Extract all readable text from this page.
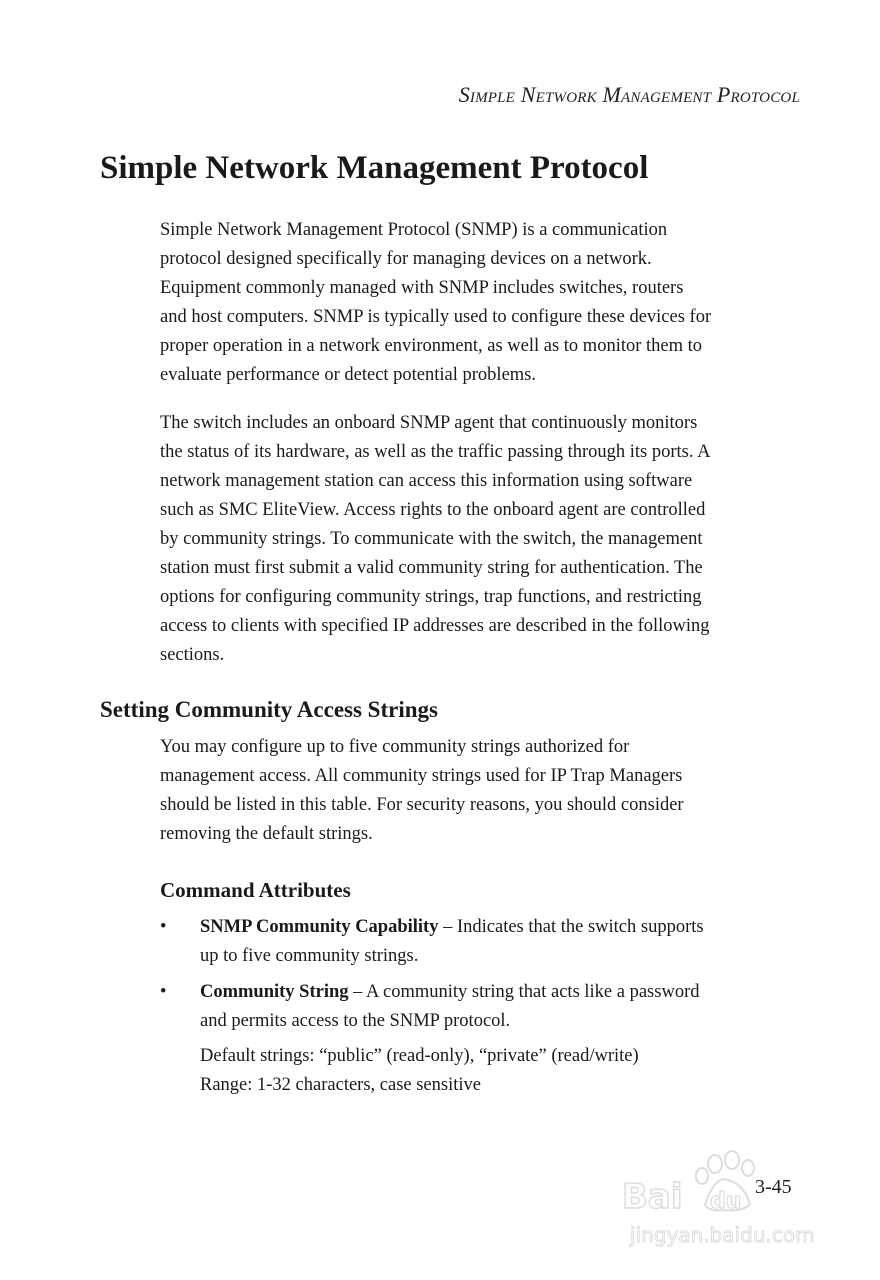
Simple Network Management Protocol
Simple Network Management Protocol
Simple Network Management Protocol (SNMP) is a communication
protocol designed specifically for managing devices on a network.
Equipment commonly managed with SNMP includes switches, routers
and host computers. SNMP is typically used to configure these devices for
proper operation in a network environment, as well as to monitor them to
evaluate performance or detect potential problems.
The switch includes an onboard SNMP agent that continuously monitors
the status of its hardware, as well as the traffic passing through its ports. A
network management station can access this information using software
such as SMC EliteView. Access rights to the onboard agent are controlled
by community strings. To communicate with the switch, the management
station must first submit a valid community string for authentication. The
options for configuring community strings, trap functions, and restricting
access to clients with specified IP addresses are described in the following
sections.
Setting Community Access Strings
You may configure up to five community strings authorized for
management access. All community strings used for IP Trap Managers
should be listed in this table. For security reasons, you should consider
removing the default strings.
Command Attributes
• SNMP Community Capability – Indicates that the switch supports
up to five community strings.
• Community String – A community string that acts like a password
and permits access to the SNMP protocol.
Default strings: “public” (read-only), “private” (read/write)
Range: 1-32 characters, case sensitive
Bai du
jingyan.baidu.com
3-45
